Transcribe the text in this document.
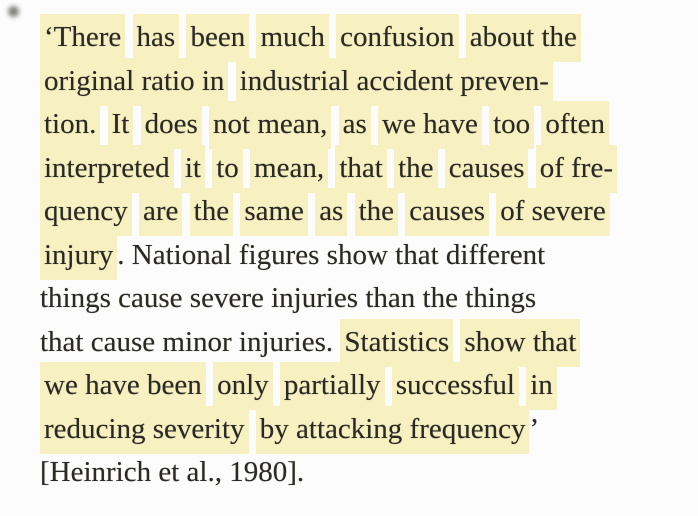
‘There has been much confusion about the
original ratio in industrial accident preven-
tion. It does not mean, as we have too often
interpreted it to mean, that the causes of fre-
quency are the same as the causes of severe
injury . National figures show that different
things cause severe injuries than the things
that cause minor injuries. Statistics show that
we have been only partially successful in
reducing severity by attacking frequency ’
[Heinrich et al., 1980].
